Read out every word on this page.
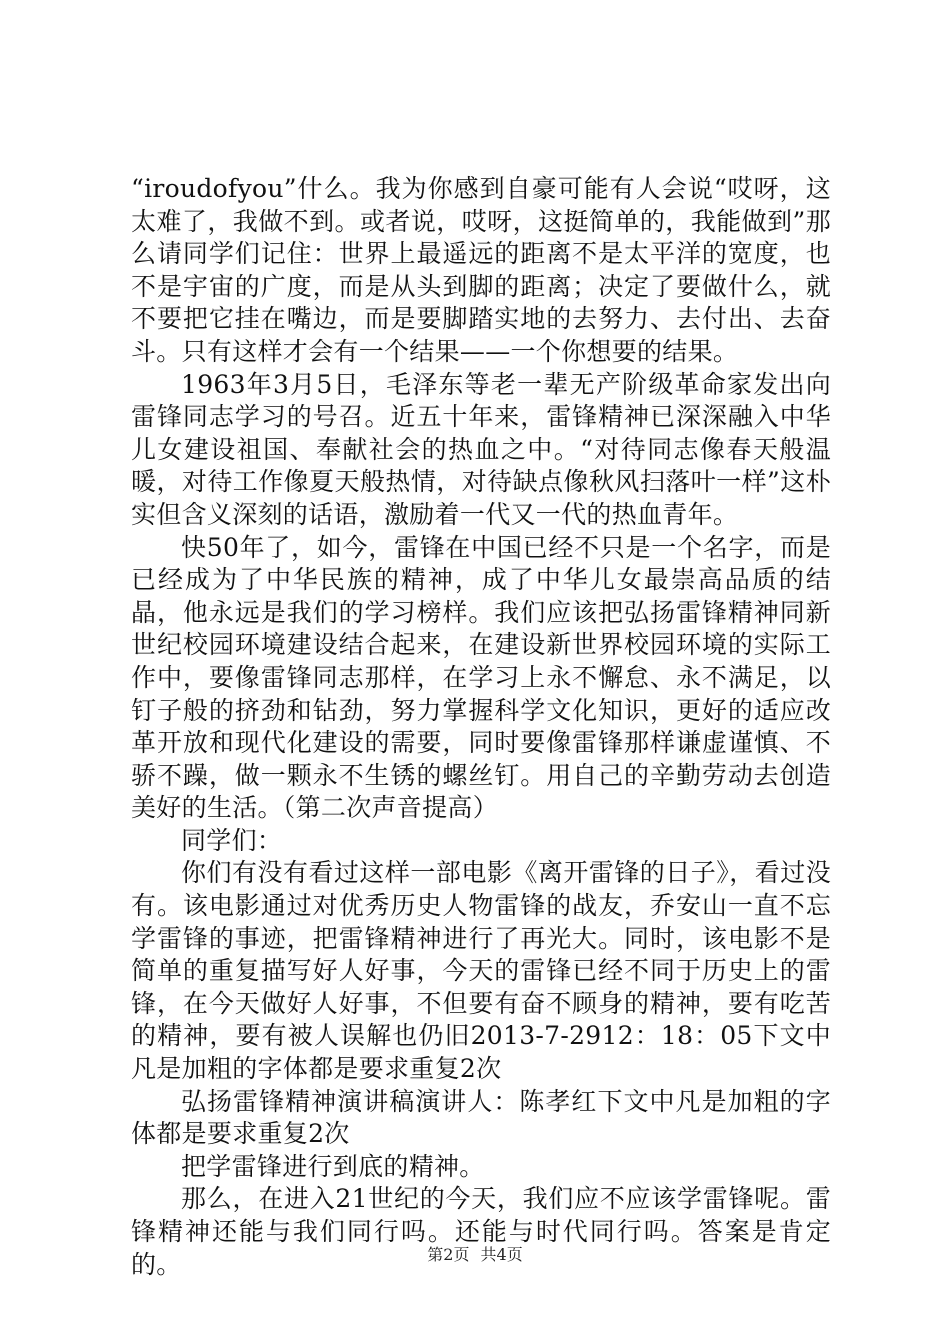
“iroudofyou”什么。我为你感到自豪可能有人会说“哎呀，这太难了，我做不到。或者说，哎呀，这挺简单的，我能做到”那么请同学们记住：世界上最遥远的距离不是太平洋的宽度，也不是宇宙的广度，而是从头到脚的距离；决定了要做什么，就不要把它挂在嘴边，而是要脚踏实地的去努力、去付出、去奋斗。只有这样才会有一个结果——一个你想要的结果。

1963年3月5日，毛泽东等老一辈无产阶级革命家发出向雷锋同志学习的号召。近五十年来，雷锋精神已深深融入中华儿女建设祖国、奉献社会的热血之中。“对待同志像春天般温暖，对待工作像夏天般热情，对待缺点像秋风扫落叶一样”这朴实但含义深刻的话语，激励着一代又一代的热血青年。

快50年了，如今，雷锋在中国已经不只是一个名字，而是已经成为了中华民族的精神，成了中华儿女最崇高品质的结晶，他永远是我们的学习榜样。我们应该把弘扬雷锋精神同新世纪校园环境建设结合起来，在建设新世界校园环境的实际工作中，要像雷锋同志那样，在学习上永不懈怠、永不满足，以钉子般的挤劲和钻劲，努力掌握科学文化知识，更好的适应改革开放和现代化建设的需要，同时要像雷锋那样谦虚谨慎、不骄不躁，做一颗永不生锈的螺丝钉。用自己的辛勤劳动去创造美好的生活。（第二次声音提高）

同学们：

你们有没有看过这样一部电影《离开雷锋的日子》，看过没有。该电影通过对优秀历史人物雷锋的战友，乔安山一直不忘学雷锋的事迹，把雷锋精神进行了再光大。同时，该电影不是简单的重复描写好人好事，今天的雷锋已经不同于历史上的雷锋，在今天做好人好事，不但要有奋不顾身的精神，要有吃苦的精神，要有被人误解也仍旧2013-7-2912：18：05下文中凡是加粗的字体都是要求重复2次

弘扬雷锋精神演讲稿演讲人：陈孝红下文中凡是加粗的字体都是要求重复2次

把学雷锋进行到底的精神。

那么，在进入21世纪的今天，我们应不应该学雷锋呢。雷锋精神还能与我们同行吗。还能与时代同行吗。答案是肯定的。	第2页 共4页
